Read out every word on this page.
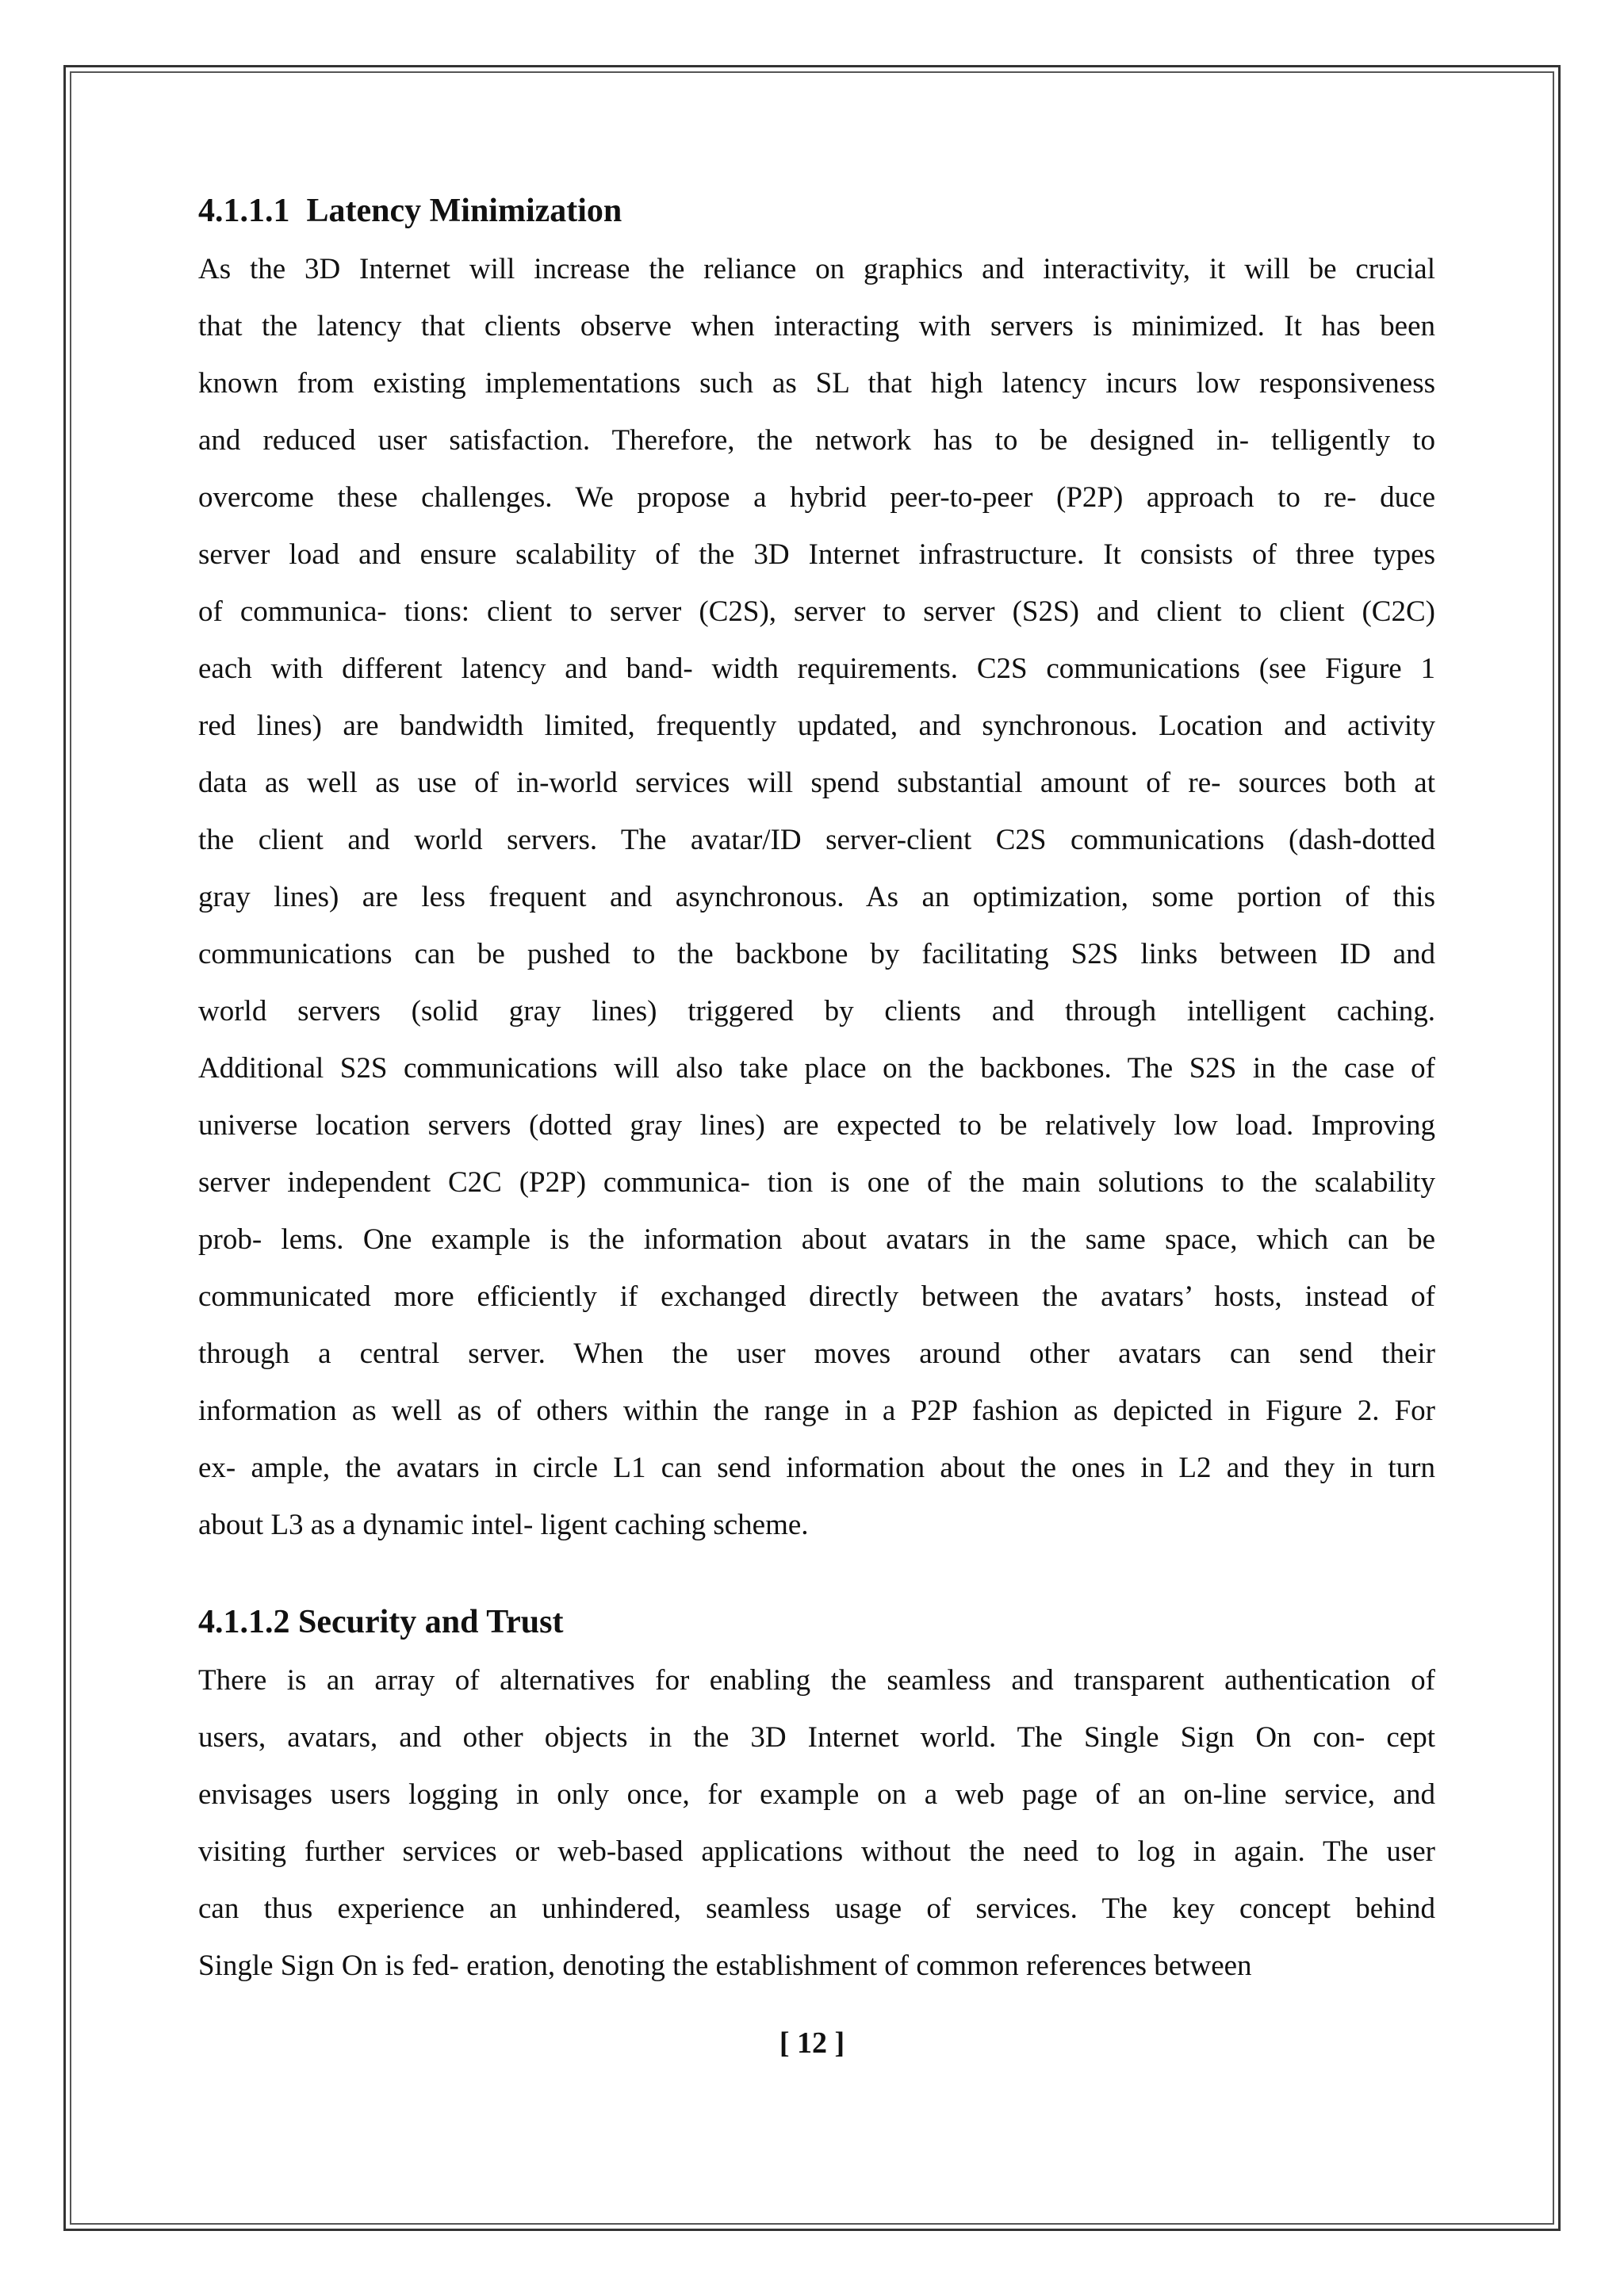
4.1.1.1  Latency Minimization
As the 3D Internet will increase the reliance on graphics and interactivity, it will be crucial
that the latency that clients observe when interacting with servers is minimized. It has been
known from existing implementations such as SL that high latency incurs low responsiveness
and reduced user satisfaction. Therefore, the network has to be designed in- telligently to
overcome these challenges. We propose a hybrid peer-to-peer (P2P) approach to re- duce
server load and ensure scalability of the 3D Internet infrastructure. It consists of three types
of communica- tions: client to server (C2S), server to server (S2S) and client to client (C2C)
each with different latency and band- width requirements. C2S communications (see Figure 1
red lines) are bandwidth limited, frequently updated, and synchronous. Location and activity
data as well as use of in-world services will spend substantial amount of re- sources both at
the client and world servers. The avatar/ID server-client C2S communications (dash-dotted
gray lines) are less frequent and asynchronous. As an optimization, some portion of this
communications can be pushed to the backbone by facilitating S2S links between ID and
world servers (solid gray lines) triggered by clients and through intelligent caching.
Additional S2S communications will also take place on the backbones. The S2S in the case of
universe location servers (dotted gray lines) are expected to be relatively low load. Improving
server independent C2C (P2P) communica- tion is one of the main solutions to the scalability
prob- lems. One example is the information about avatars in the same space, which can be
communicated more efficiently if exchanged directly between the avatars’ hosts, instead of
through a central server. When the user moves around other avatars can send their
information as well as of others within the range in a P2P fashion as depicted in Figure 2. For
ex- ample, the avatars in circle L1 can send information about the ones in L2 and they in turn
about L3 as a dynamic intel- ligent caching scheme.
4.1.1.2 Security and Trust
There is an array of alternatives for enabling the seamless and transparent authentication of
users, avatars, and other objects in the 3D Internet world. The Single Sign On con- cept
envisages users logging in only once, for example on a web page of an on-line service, and
visiting further services or web-based applications without the need to log in again. The user
can thus experience an unhindered, seamless usage of services. The key concept behind
Single Sign On is fed- eration, denoting the establishment of common references between
[ 12 ]
